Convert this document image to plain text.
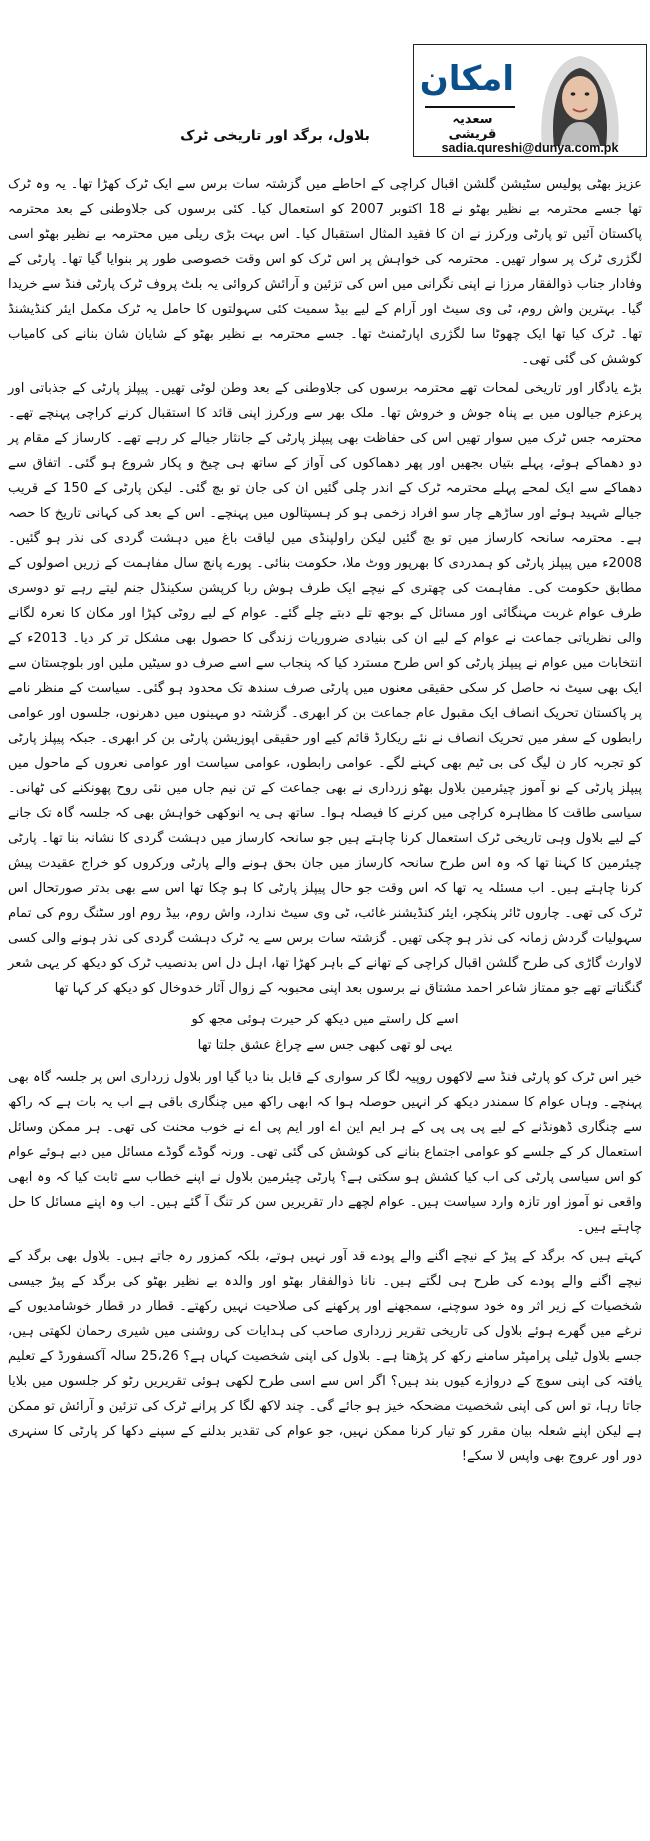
امکان
سعدیہ قریشی
sadia.qureshi@dunya.com.pk
بلاول، برگد اور تاریخی ٹرک

عزیز بھٹی پولیس سٹیشن گلشن اقبال کراچی کے احاطے میں گزشتہ سات برس سے ایک ٹرک کھڑا تھا۔ یہ وہ ٹرک تھا جسے محترمہ بے نظیر بھٹو نے 18 اکتوبر 2007 کو استعمال کیا۔ کئی برسوں کی جلاوطنی کے بعد محترمہ پاکستان آئیں تو پارٹی ورکرز نے ان کا فقید المثال استقبال کیا۔ اس بہت بڑی ریلی میں محترمہ بے نظیر بھٹو اسی لگژری ٹرک پر سوار تھیں۔ محترمہ کی خواہش پر اس ٹرک کو اس وقت خصوصی طور پر بنوایا گیا تھا۔ پارٹی کے وفادار جناب ذوالفقار مرزا نے اپنی نگرانی میں اس کی تزئین و آرائش کروائی یہ بلٹ پروف ٹرک پارٹی فنڈ سے خریدا گیا۔ بہترین واش روم، ٹی وی سیٹ اور آرام کے لیے بیڈ سمیت کئی سہولتوں کا حامل یہ ٹرک مکمل ایئر کنڈیشنڈ تھا۔ ٹرک کیا تھا ایک چھوٹا سا لگژری اپارٹمنٹ تھا۔ جسے محترمہ بے نظیر بھٹو کے شایان شان بنانے کی کامیاب کوشش کی گئی تھی۔

بڑے یادگار اور تاریخی لمحات تھے محترمہ برسوں کی جلاوطنی کے بعد وطن لوٹی تھیں۔ پیپلز پارٹی کے جذباتی اور پرعزم جیالوں میں بے پناہ جوش و خروش تھا۔ ملک بھر سے ورکرز اپنی قائد کا استقبال کرنے کراچی پہنچے تھے۔ محترمہ جس ٹرک میں سوار تھیں اس کی حفاظت بھی پیپلز پارٹی کے جانثار جیالے کر رہے تھے۔ کارساز کے مقام پر دو دھماکے ہوئے، پہلے بتیاں بجھیں اور پھر دھماکوں کی آواز کے ساتھ ہی چیخ و پکار شروع ہو گئی۔ اتفاق سے دھماکے سے ایک لمحے پہلے محترمہ ٹرک کے اندر چلی گئیں ان کی جان تو بچ گئی۔ لیکن پارٹی کے 150 کے قریب جیالے شہید ہوئے اور ساڑھے چار سو افراد زخمی ہو کر ہسپتالوں میں پہنچے۔ اس کے بعد کی کہانی تاریخ کا حصہ ہے۔ محترمہ سانحہ کارساز میں تو بچ گئیں لیکن راولپنڈی میں لیاقت باغ میں دہشت گردی کی نذر ہو گئیں۔ 2008ء میں پیپلز پارٹی کو ہمدردی کا بھرپور ووٹ ملا، حکومت بنائی۔ پورے پانچ سال مفاہمت کے زریں اصولوں کے مطابق حکومت کی۔ مفاہمت کی چھتری کے نیچے ایک طرف ہوش ربا کرپشن سکینڈل جنم لیتے رہے تو دوسری طرف عوام غربت مہنگائی اور مسائل کے بوجھ تلے دبتے چلے گئے۔ عوام کے لیے روٹی کپڑا اور مکان کا نعرہ لگانے والی نظریاتی جماعت نے عوام کے لیے ان کی بنیادی ضروریات زندگی کا حصول بھی مشکل تر کر دیا۔ 2013ء کے انتخابات میں عوام نے پیپلز پارٹی کو اس طرح مسترد کیا کہ پنجاب سے اسے صرف دو سیٹیں ملیں اور بلوچستان سے ایک بھی سیٹ نہ حاصل کر سکی حقیقی معنوں میں پارٹی صرف سندھ تک محدود ہو گئی۔ سیاست کے منظر نامے پر پاکستان تحریک انصاف ایک مقبول عام جماعت بن کر ابھری۔ گزشتہ دو مہینوں میں دھرنوں، جلسوں اور عوامی رابطوں کے سفر میں تحریک انصاف نے نئے ریکارڈ قائم کیے اور حقیقی اپوزیشن پارٹی بن کر ابھری۔ جبکہ پیپلز پارٹی کو تجربہ کار ن لیگ کی بی ٹیم بھی کہنے لگے۔ عوامی رابطوں، عوامی سیاست اور عوامی نعروں کے ماحول میں پیپلز پارٹی کے نو آموز چیئرمین بلاول بھٹو زرداری نے بھی جماعت کے تن نیم جاں میں نئی روح پھونکنے کی ٹھانی۔ سیاسی طاقت کا مظاہرہ کراچی میں کرنے کا فیصلہ ہوا۔ ساتھ ہی یہ انوکھی خواہش بھی کہ جلسہ گاہ تک جانے کے لیے بلاول وہی تاریخی ٹرک استعمال کرنا چاہتے ہیں جو سانحہ کارساز میں دہشت گردی کا نشانہ بنا تھا۔ پارٹی چیئرمین کا کہنا تھا کہ وہ اس طرح سانحہ کارساز میں جان بحق ہونے والے پارٹی ورکروں کو خراج عقیدت پیش کرنا چاہتے ہیں۔ اب مسئلہ یہ تھا کہ اس وقت جو حال پیپلز پارٹی کا ہو چکا تھا اس سے بھی بدتر صورتحال اس ٹرک کی تھی۔ چاروں ٹائر پنکچر، ایئر کنڈیشنر غائب، ٹی وی سیٹ ندارد، واش روم، بیڈ روم اور سٹنگ روم کی تمام سہولیات گردش زمانہ کی نذر ہو چکی تھیں۔ گزشتہ سات برس سے یہ ٹرک دہشت گردی کی نذر ہونے والی کسی لاوارث گاڑی کی طرح گلشن اقبال کراچی کے تھانے کے باہر کھڑا تھا، اہل دل اس بدنصیب ٹرک کو دیکھ کر یہی شعر گنگناتے تھے جو ممتاز شاعر احمد مشتاق نے برسوں بعد اپنی محبوبہ کے زوال آثار خدوخال کو دیکھ کر کہا تھا

اسے کل راستے میں دیکھ کر حیرت ہوئی مجھ کو
یہی لو تھی کبھی جس سے چراغ عشق جلتا تھا

خیر اس ٹرک کو پارٹی فنڈ سے لاکھوں روپیہ لگا کر سواری کے قابل بنا دیا گیا اور بلاول زرداری اس پر جلسہ گاہ بھی پہنچے۔ وہاں عوام کا سمندر دیکھ کر انہیں حوصلہ ہوا کہ ابھی راکھ میں چنگاری باقی ہے اب یہ بات ہے کہ راکھ سے چنگاری ڈھونڈنے کے لیے پی پی پی کے ہر ایم این اے اور ایم پی اے نے خوب محنت کی تھی۔ ہر ممکن وسائل استعمال کر کے جلسے کو عوامی اجتماع بنانے کی کوشش کی گئی تھی۔ ورنہ گوڈے گوڈے مسائل میں دبے ہوئے عوام کو اس سیاسی پارٹی کی اب کیا کشش ہو سکتی ہے؟ پارٹی چیئرمین بلاول نے اپنے خطاب سے ثابت کیا کہ وہ ابھی واقعی نو آموز اور تازہ وارد سیاست ہیں۔ عوام لچھے دار تقریریں سن کر تنگ آ گئے ہیں۔ اب وہ اپنے مسائل کا حل چاہتے ہیں۔

کہتے ہیں کہ برگد کے پیڑ کے نیچے اگنے والے پودے قد آور نہیں ہوتے، بلکہ کمزور رہ جاتے ہیں۔ بلاول بھی برگد کے نیچے اگنے والے پودے کی طرح ہی لگتے ہیں۔ نانا ذوالفقار بھٹو اور والدہ بے نظیر بھٹو کی برگد کے پیڑ جیسی شخصیات کے زیر اثر وہ خود سوچنے، سمجھنے اور پرکھنے کی صلاحیت نہیں رکھتے۔ قطار در قطار خوشامدیوں کے نرغے میں گھرے ہوئے بلاول کی تاریخی تقریر زرداری صاحب کی ہدایات کی روشنی میں شیری رحمان لکھتی ہیں، جسے بلاول ٹیلی پرامپٹر سامنے رکھ کر پڑھتا ہے۔ بلاول کی اپنی شخصیت کہاں ہے؟ 25،26 سالہ آکسفورڈ کے تعلیم یافتہ کی اپنی سوچ کے دروازے کیوں بند ہیں؟ اگر اس سے اسی طرح لکھی ہوئی تقریریں رٹو کر جلسوں میں بلایا جاتا رہا، تو اس کی اپنی شخصیت مضحکہ خیز ہو جائے گی۔ چند لاکھ لگا کر پرانے ٹرک کی تزئین و آرائش تو ممکن ہے لیکن اپنے شعلہ بیان مقرر کو تیار کرنا ممکن نہیں، جو عوام کی تقدیر بدلنے کے سپنے دکھا کر پارٹی کا سنہری دور اور عروج بھی واپس لا سکے!
